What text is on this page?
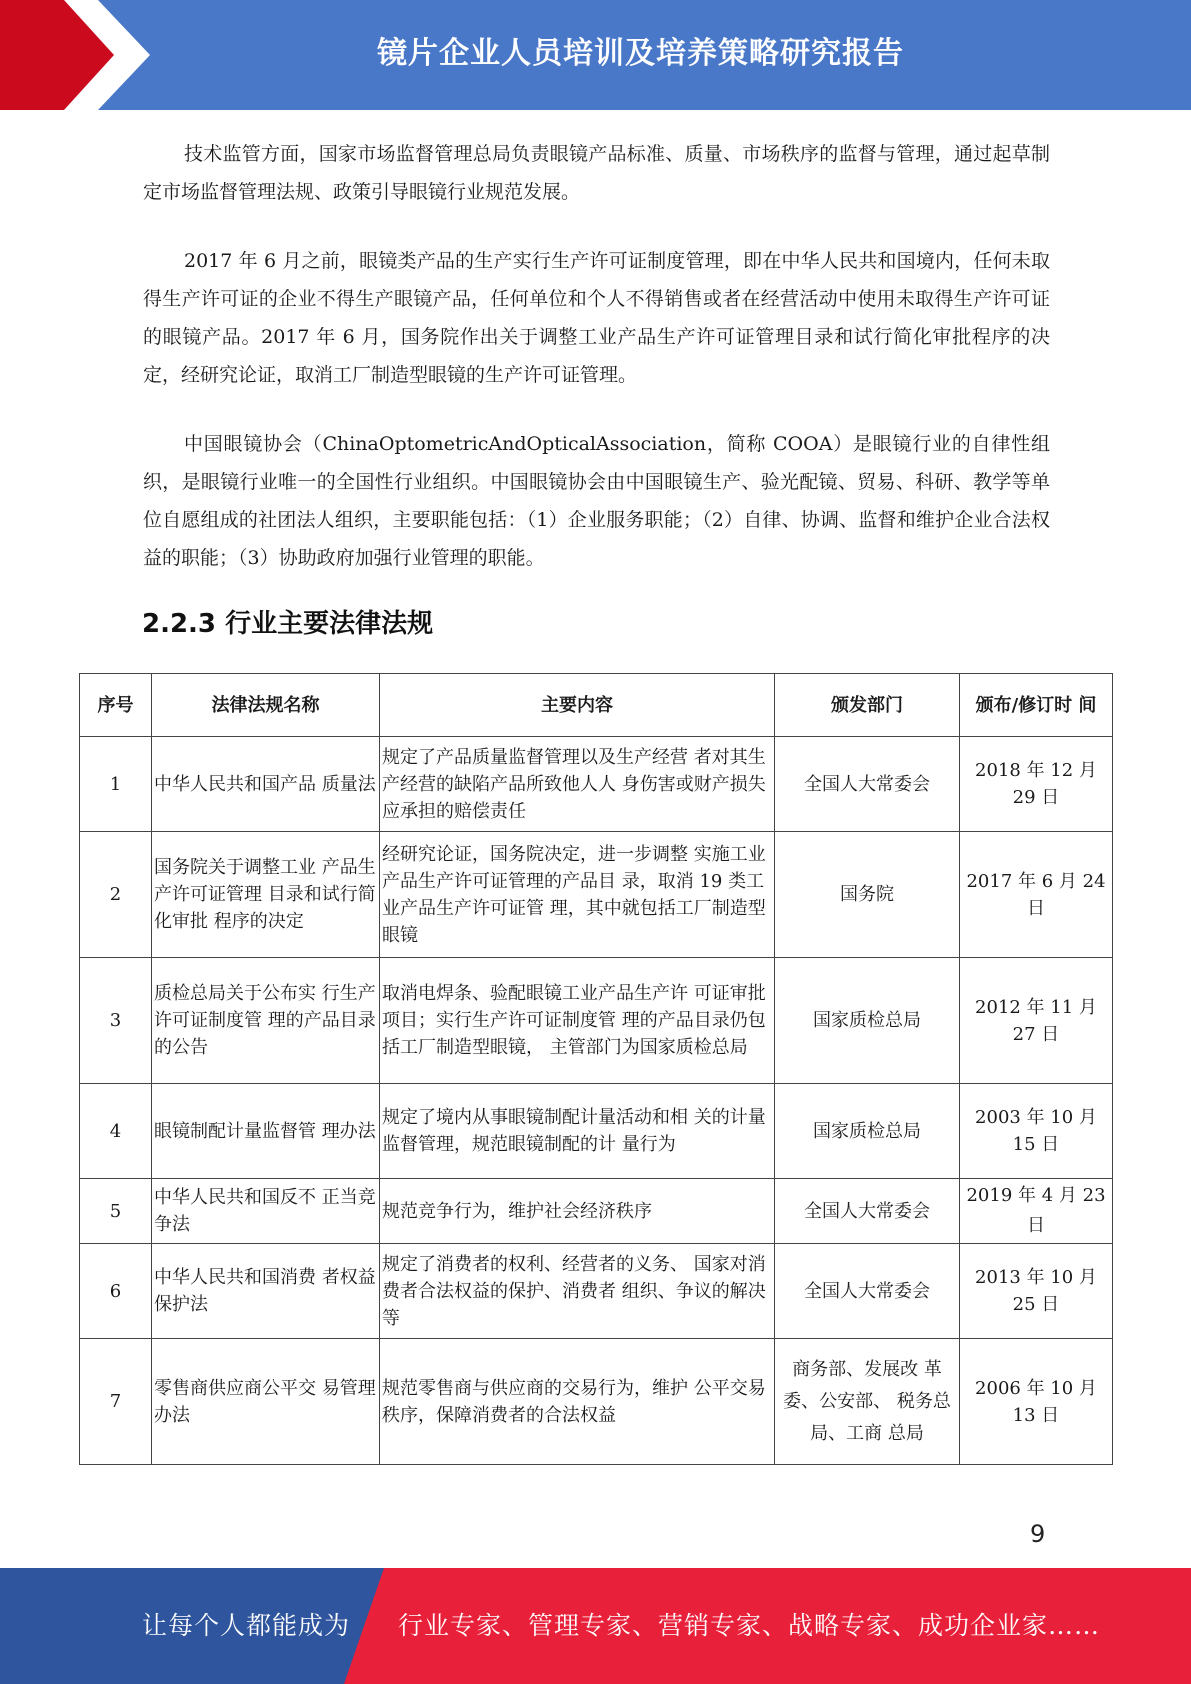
镜片企业人员培训及培养策略研究报告

技术监管方面，国家市场监督管理总局负责眼镜产品标准、质量、市场秩序的监督与管理，通过起草制定市场监督管理法规、政策引导眼镜行业规范发展。

2017 年 6 月之前，眼镜类产品的生产实行生产许可证制度管理，即在中华人民共和国境内，任何未取得生产许可证的企业不得生产眼镜产品，任何单位和个人不得销售或者在经营活动中使用未取得生产许可证的眼镜产品。2017 年 6 月，国务院作出关于调整工业产品生产许可证管理目录和试行简化审批程序的决定，经研究论证，取消工厂制造型眼镜的生产许可证管理。

中国眼镜协会（ChinaOptometricAndOpticalAssociation，简称 COOA）是眼镜行业的自律性组织，是眼镜行业唯一的全国性行业组织。中国眼镜协会由中国眼镜生产、验光配镜、贸易、科研、教学等单位自愿组成的社团法人组织，主要职能包括：（1）企业服务职能；（2）自律、协调、监督和维护企业合法权益的职能；（3）协助政府加强行业管理的职能。

2.2.3 行业主要法律法规
序号	法律法规名称	主要内容	颁发部门	颁布/修订时 间
1	中华人民共和国产品 质量法	规定了产品质量监督管理以及生产经营 者对其生产经营的缺陷产品所致他人人 身伤害或财产损失应承担的赔偿责任	全国人大常委会	2018 年 12 月 29 日
2	国务院关于调整工业 产品生产许可证管理 目录和试行简化审批 程序的决定	经研究论证，国务院决定，进一步调整 实施工业产品生产许可证管理的产品目 录，取消 19 类工业产品生产许可证管 理，其中就包括工厂制造型眼镜	国务院	2017 年 6 月 24 日
3	质检总局关于公布实 行生产许可证制度管 理的产品目录的公告	取消电焊条、验配眼镜工业产品生产许 可证审批项目；实行生产许可证制度管 理的产品目录仍包括工厂制造型眼镜， 主管部门为国家质检总局	国家质检总局	2012 年 11 月 27 日
4	眼镜制配计量监督管 理办法	规定了境内从事眼镜制配计量活动和相 关的计量监督管理，规范眼镜制配的计 量行为	国家质检总局	2003 年 10 月 15 日
5	中华人民共和国反不 正当竞争法	规范竞争行为，维护社会经济秩序	全国人大常委会	2019 年 4 月 23 日
6	中华人民共和国消费 者权益保护法	规定了消费者的权利、经营者的义务、 国家对消费者合法权益的保护、消费者 组织、争议的解决等	全国人大常委会	2013 年 10 月 25 日
7	零售商供应商公平交 易管理办法	规范零售商与供应商的交易行为，维护 公平交易秩序，保障消费者的合法权益	商务部、发展改 革委、公安部、 税务总局、工商 总局	2006 年 10 月 13 日
9
让每个人都能成为 行业专家、管理专家、营销专家、战略专家、成功企业家……
